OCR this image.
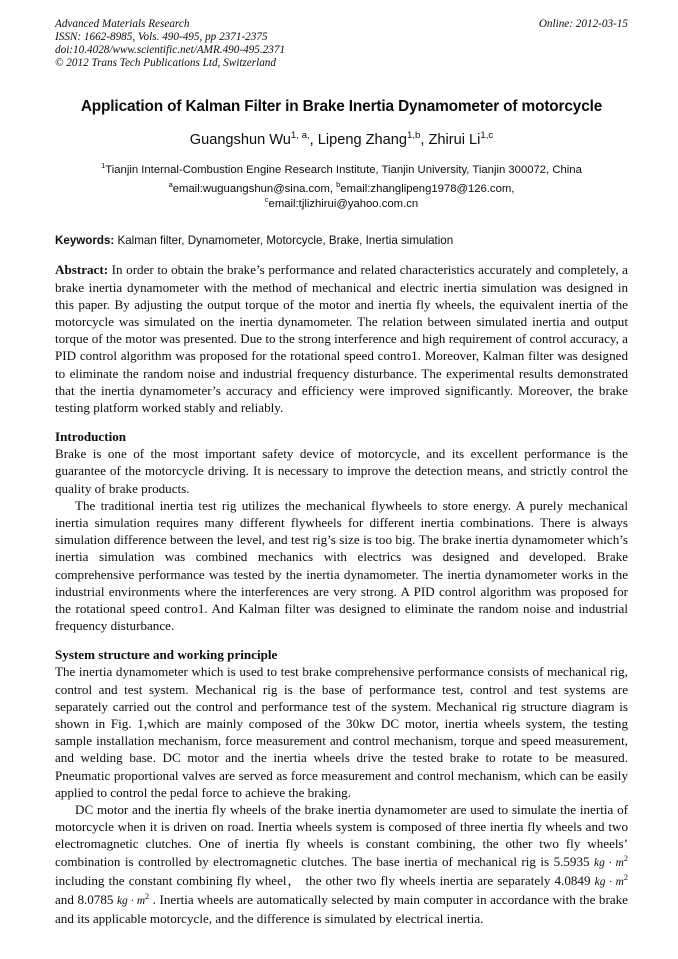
Advanced Materials Research
ISSN: 1662-8985, Vols. 490-495, pp 2371-2375
doi:10.4028/www.scientific.net/AMR.490-495.2371
© 2012 Trans Tech Publications Ltd, Switzerland
Online: 2012-03-15
Application of Kalman Filter in Brake Inertia Dynamometer of motorcycle
Guangshun $Wu^{1, a,}$, Lipeng Zhang$^{1,b}$, Zhirui Li$^{1,c}$
$^1$Tianjin Internal-Combustion Engine Research Institute, Tianjin University, Tianjin 300072, China
$^a$email:wuguangshun@sina.com, $^b$email:zhanglipeng1978@126.com,
$^c$email:tjlizhirui@yahoo.com.cn

Keywords: Kalman filter, Dynamometer, Motorcycle, Brake, Inertia simulation

Abstract: In order to obtain the brake’s performance and related characteristics accurately and completely, a brake inertia dynamometer with the method of mechanical and electric inertia simulation was designed in this paper. By adjusting the output torque of the motor and inertia fly wheels, the equivalent inertia of the motorcycle was simulated on the inertia dynamometer. The relation between simulated inertia and output torque of the motor was presented. Due to the strong interference and high requirement of control accuracy, a PID control algorithm was proposed for the rotational speed contro1. Moreover, Kalman filter was designed to eliminate the random noise and industrial frequency disturbance. The experimental results demonstrated that the inertia dynamometer’s accuracy and efficiency were improved significantly. Moreover, the brake testing platform worked stably and reliably.

Introduction

Brake is one of the most important safety device of motorcycle, and its excellent performance is the guarantee of the motorcycle driving. It is necessary to improve the detection means, and strictly control the quality of brake products.

The traditional inertia test rig utilizes the mechanical flywheels to store energy. A purely mechanical inertia simulation requires many different flywheels for different inertia combinations. There is always simulation difference between the level, and test rig’s size is too big. The brake inertia dynamometer which’s inertia simulation was combined mechanics with electrics was designed and developed. Brake comprehensive performance was tested by the inertia dynamometer. The inertia dynamometer works in the industrial environments where the interferences are very strong. A PID control algorithm was proposed for the rotational speed contro1. And Kalman filter was designed to eliminate the random noise and industrial frequency disturbance.

System structure and working principle

The inertia dynamometer which is used to test brake comprehensive performance consists of mechanical rig, control and test system. Mechanical rig is the base of performance test, control and test systems are separately carried out the control and performance test of the system. Mechanical rig structure diagram is shown in Fig. 1,which are mainly composed of the 30kw DC motor, inertia wheels system, the testing sample installation mechanism, force measurement and control mechanism, torque and speed measurement, and welding base. DC motor and the inertia wheels drive the tested brake to rotate to be measured. Pneumatic proportional valves are served as force measurement and control mechanism, which can be easily applied to control the pedal force to achieve the braking.

DC motor and the inertia fly wheels of the brake inertia dynamometer are used to simulate the inertia of motorcycle when it is driven on road. Inertia wheels system is composed of three inertia fly wheels and two electromagnetic clutches. One of inertia fly wheels is constant combining, the other two fly wheels’ combination is controlled by electromagnetic clutches. The base inertia of mechanical rig is 5.5935 kg · $m^2$ including the constant combining fly wheel， the other two fly wheels inertia are separately 4.0849 kg · $m^2$ and 8.0785 kg · $m^2$ . Inertia wheels are automatically selected by main computer in accordance with the brake and its applicable motorcycle, and the difference is simulated by electrical inertia.
